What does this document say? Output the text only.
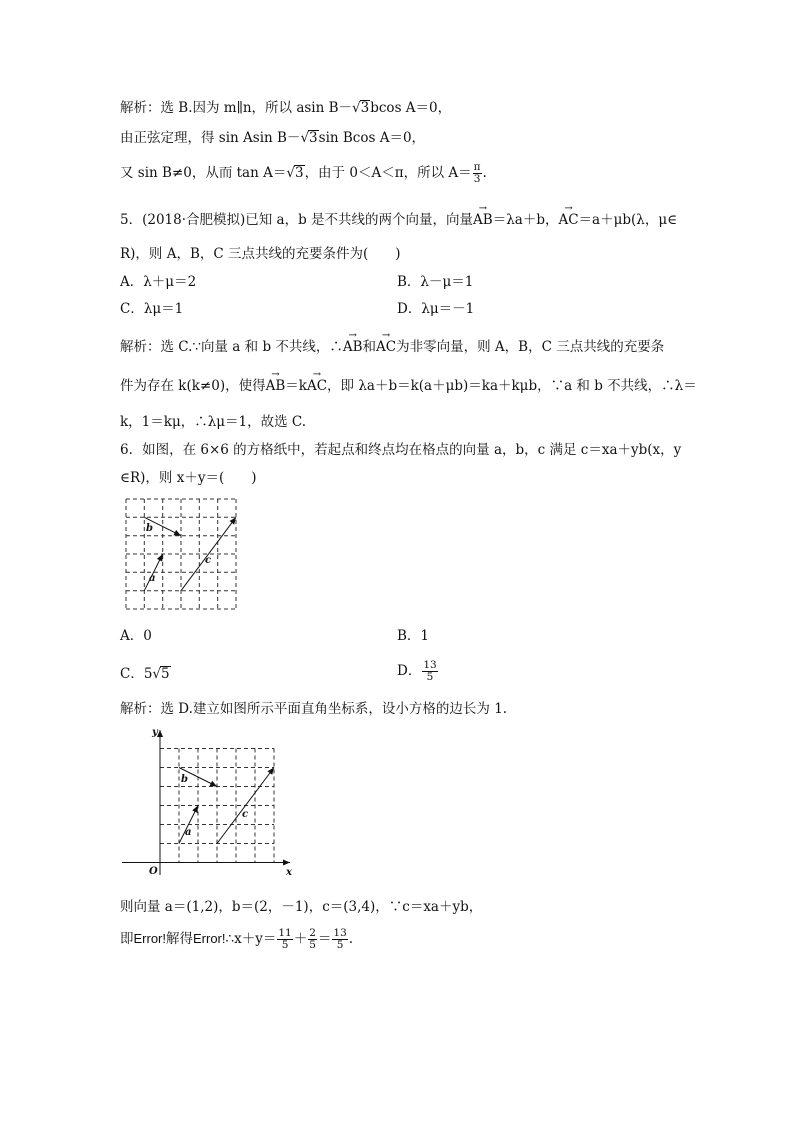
解析：选 B.因为 m∥n，所以 asin B－√3bcos A＝0，
由正弦定理，得 sin Asin B－√3sin Bcos A＝0，
又 sin B≠0，从而 tan A＝√3，由于 0＜A＜π，所以 $A= \frac{\pi}{3}$ .
5．(2018·合肥模拟)已知 a，b 是不共线的两个向量，向量→ AB＝λa＋b，→ AC＝a＋μb(λ，μ∈
R)，则 A，B，C 三点共线的充要条件为(　　)
A．λ＋μ＝2	B．λ－μ＝1
C．λμ＝1	D．λμ＝－1
解析：选 C.∵向量 a 和 b 不共线，∴→ AB和→ AC为非零向量，则 A，B，C 三点共线的充要条
件为存在 k(k≠0)，使得→ AB＝k→ AC，即 λa＋b＝k(a＋μb)＝ka＋kμb，∵a 和 b 不共线，∴λ＝
k，1＝kμ，∴λμ＝1，故选 C.
6．如图，在 6×6 的方格纸中，若起点和终点均在格点的向量 a，b，c 满足 c＝xa＋yb(x，y
∈R)，则 x＋y＝(　　)
a
b
c
A．0	B．1
C．5√5	D． $\frac{13}{5}$
解析：选 D.建立如图所示平面直角坐标系，设小方格的边长为 1.
a
b
c
x
y
O
则向量 a＝(1,2)，b＝(2，－1)，c＝(3,4)，∵c＝xa＋yb，
即Error!解得Error!∴x＋y＝ $\frac{11}{5} + \frac{2}{5} = \frac{13}{5}$ .
